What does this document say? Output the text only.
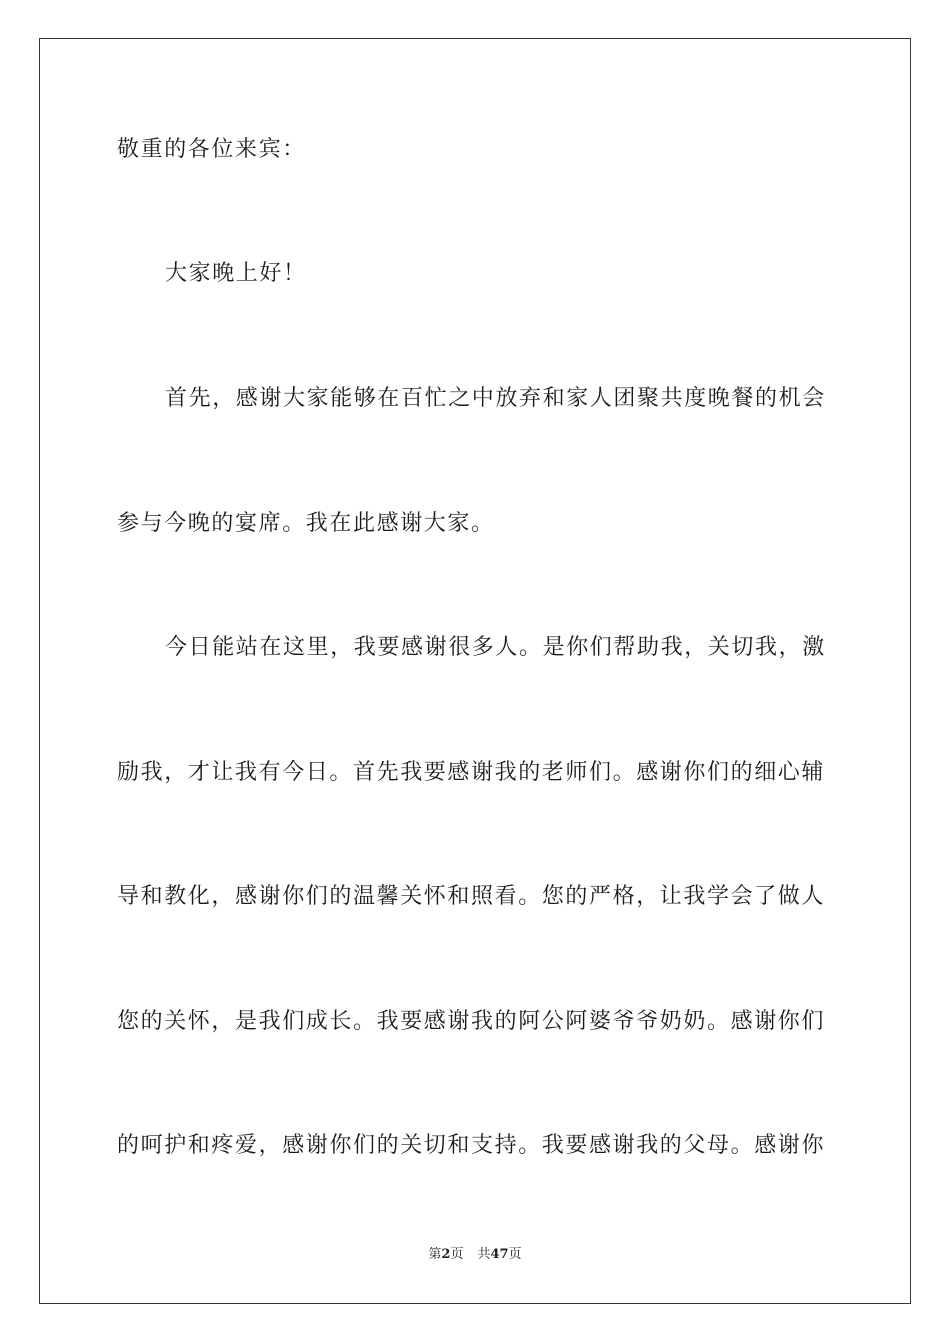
敬重的各位来宾：
大家晚上好！
首先，感谢大家能够在百忙之中放弃和家人团聚共度晚餐的机会
参与今晚的宴席。我在此感谢大家。
今日能站在这里，我要感谢很多人。是你们帮助我，关切我，激
励我，才让我有今日。首先我要感谢我的老师们。感谢你们的细心辅
导和教化，感谢你们的温馨关怀和照看。您的严格，让我学会了做人
您的关怀，是我们成长。我要感谢我的阿公阿婆爷爷奶奶。感谢你们
的呵护和疼爱，感谢你们的关切和支持。我要感谢我的父母。感谢你
第2页 共47页
